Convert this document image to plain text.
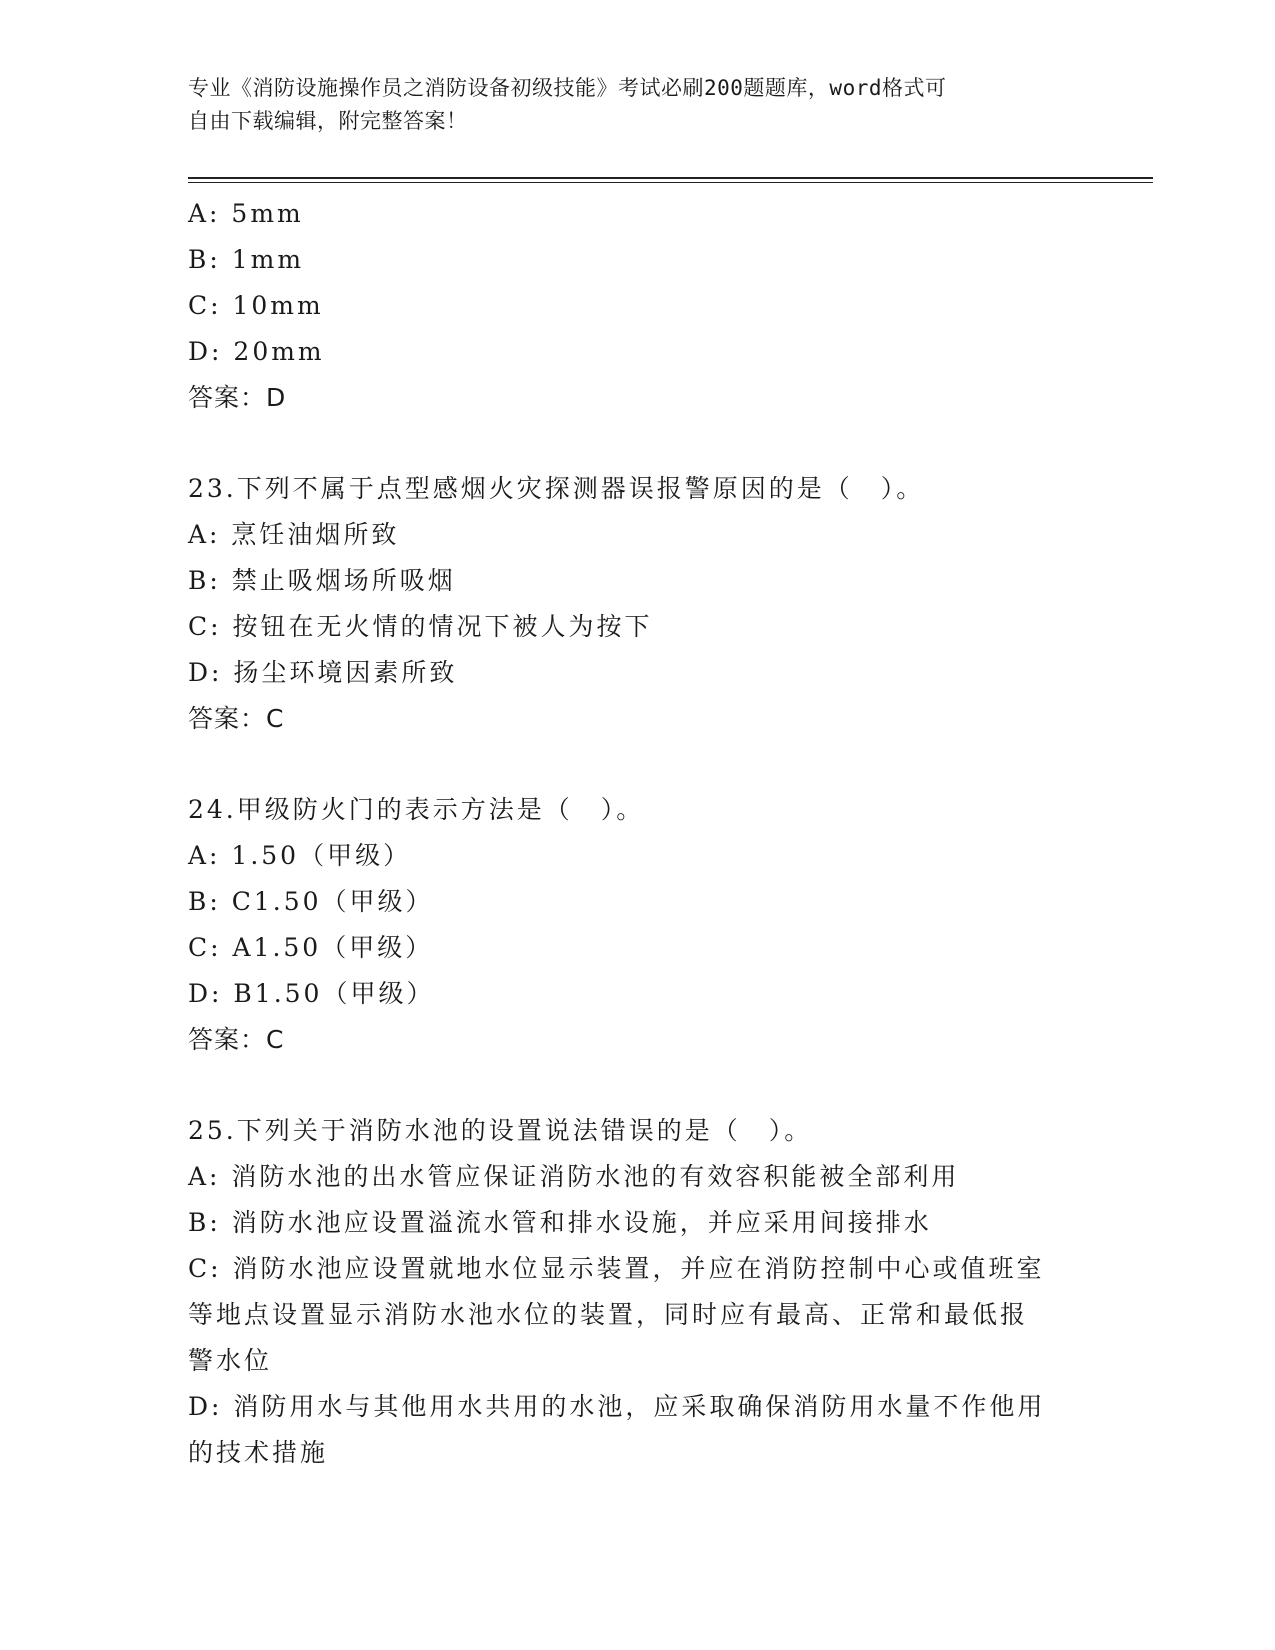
专业《消防设施操作员之消防设备初级技能》考试必刷200题题库，word格式可
自由下载编辑，附完整答案！
A: 5mm
B: 1mm
C: 10mm
D: 20mm
答案：D
23.下列不属于点型感烟火灾探测器误报警原因的是（　）。
A: 烹饪油烟所致
B: 禁止吸烟场所吸烟
C: 按钮在无火情的情况下被人为按下
D: 扬尘环境因素所致
答案：C
24.甲级防火门的表示方法是（　）。
A: 1.50（甲级）
B: C1.50（甲级）
C: A1.50（甲级）
D: B1.50（甲级）
答案：C
25.下列关于消防水池的设置说法错误的是（　）。
A: 消防水池的出水管应保证消防水池的有效容积能被全部利用
B: 消防水池应设置溢流水管和排水设施，并应采用间接排水
C: 消防水池应设置就地水位显示装置，并应在消防控制中心或值班室
等地点设置显示消防水池水位的装置，同时应有最高、正常和最低报
警水位
D: 消防用水与其他用水共用的水池，应采取确保消防用水量不作他用
的技术措施
